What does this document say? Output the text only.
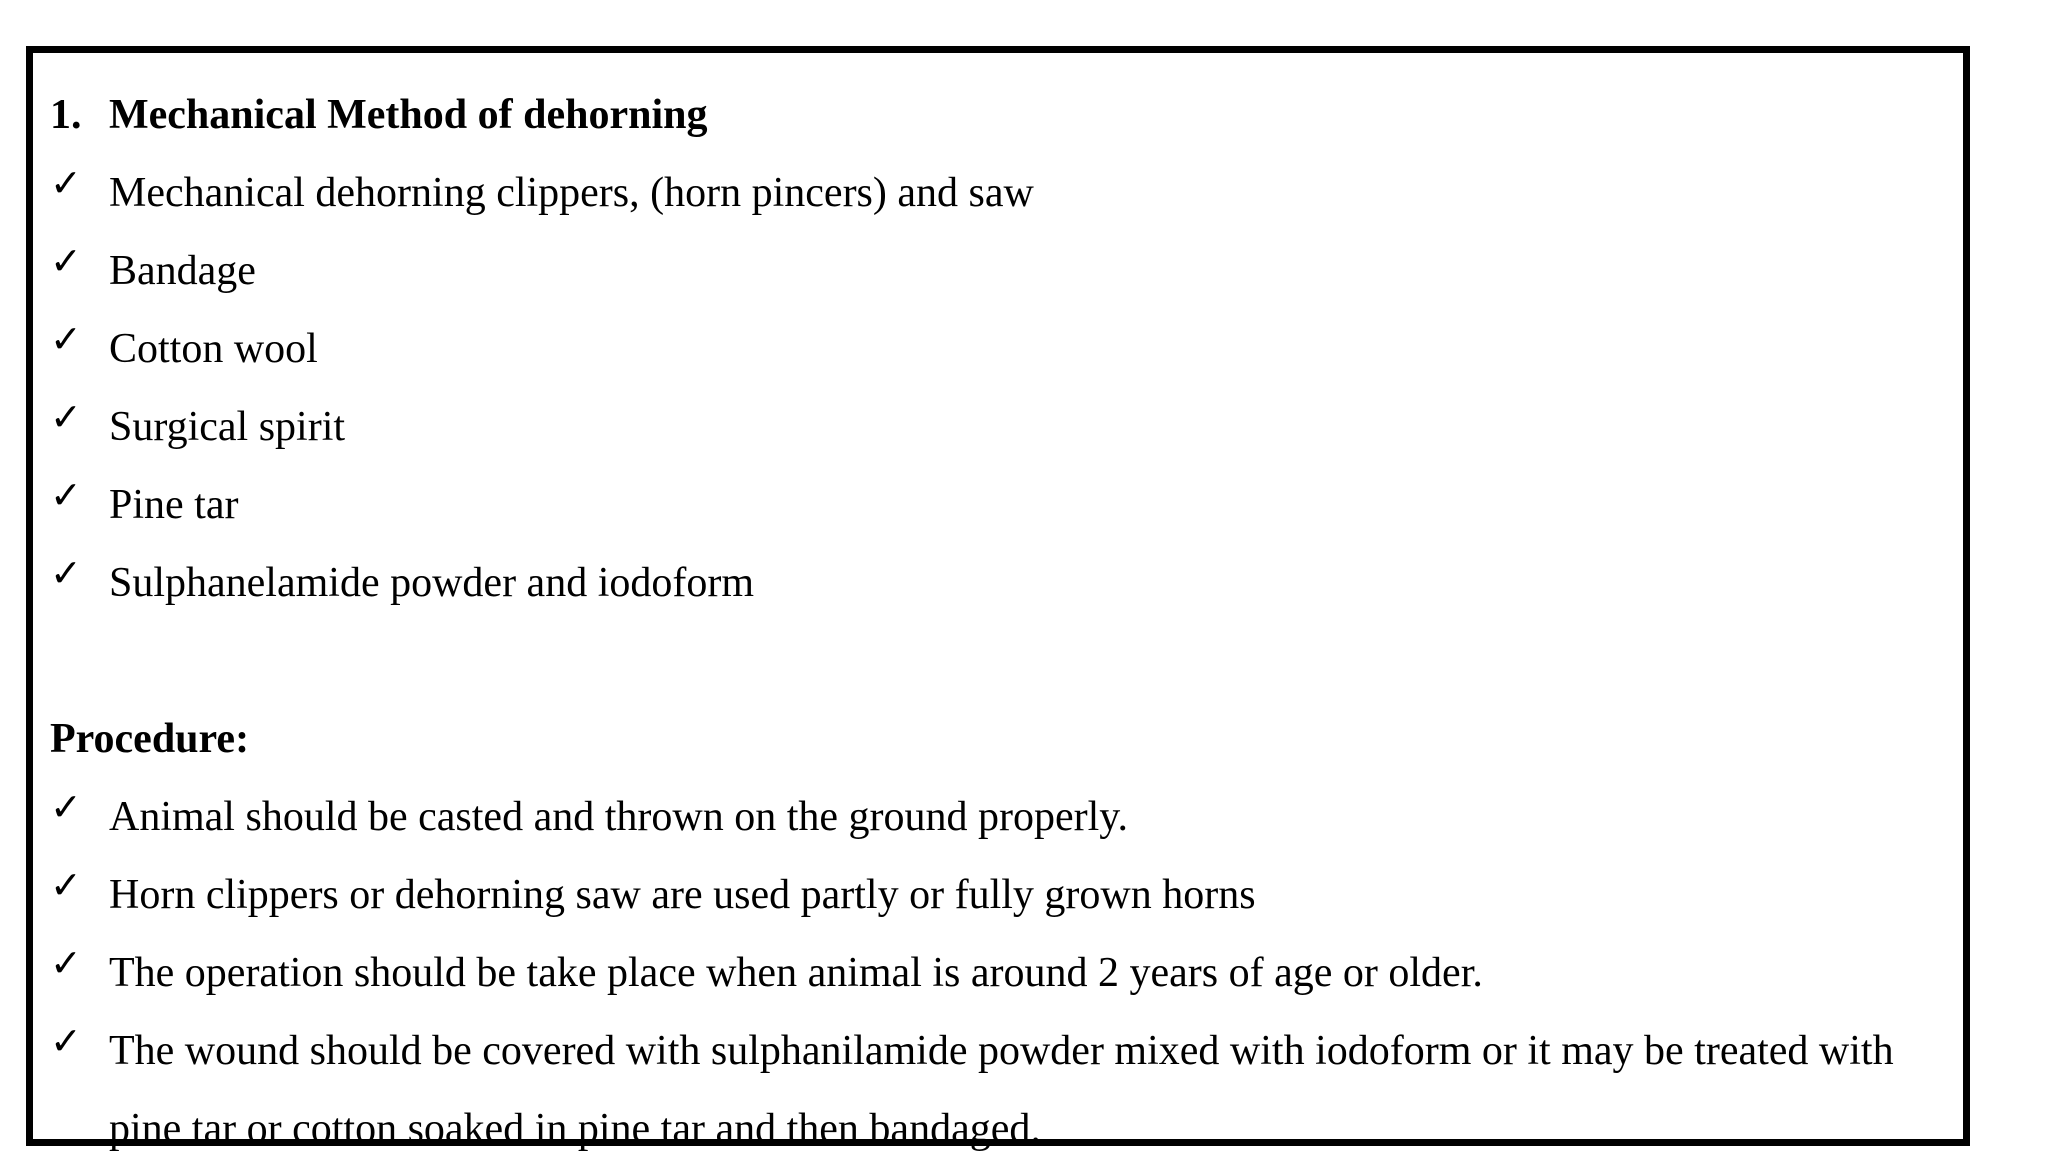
1. Mechanical Method of dehorning
✓ Mechanical dehorning clippers, (horn pincers) and saw
✓ Bandage
✓ Cotton wool
✓ Surgical spirit
✓ Pine tar
✓ Sulphanelamide powder and iodoform
Procedure:
✓ Animal should be casted and thrown on the ground properly.
✓ Horn clippers or dehorning saw are used partly or fully grown horns
✓ The operation should be take place when animal is around 2 years of age or older.
✓ The wound should be covered with sulphanilamide powder mixed with iodoform or it may be treated with
pine tar or cotton soaked in pine tar and then bandaged.
